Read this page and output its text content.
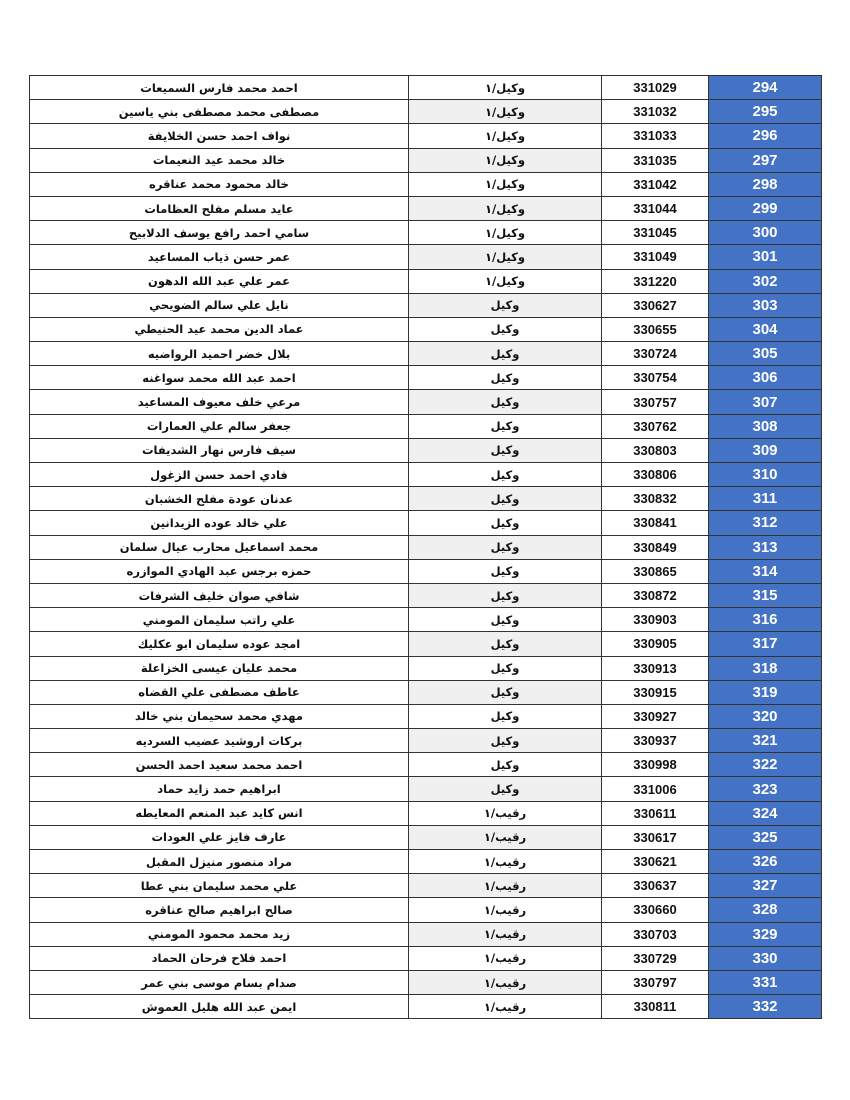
احمد محمد فارس السميعات	وكيل/١	331029	294
مصطفى محمد مصطفى بني ياسين	وكيل/١	331032	295
نواف احمد حسن الخلايفة	وكيل/١	331033	296
خالد محمد عيد النعيمات	وكيل/١	331035	297
خالد محمود محمد عناقره	وكيل/١	331042	298
عايد مسلم مفلح العظامات	وكيل/١	331044	299
سامي احمد رافع يوسف الدلابيح	وكيل/١	331045	300
عمر حسن ذياب المساعيد	وكيل/١	331049	301
عمر علي عبد الله الدهون	وكيل/١	331220	302
نايل علي سالم الضويحي	وكيل	330627	303
عماد الدين محمد عيد الحنيطي	وكيل	330655	304
بلال خضر احميد الرواضيه	وكيل	330724	305
احمد عبد الله محمد سواغنه	وكيل	330754	306
مرعي خلف معيوف المساعيد	وكيل	330757	307
جعفر سالم علي العمارات	وكيل	330762	308
سيف فارس نهار الشديفات	وكيل	330803	309
فادي احمد حسن الزغول	وكيل	330806	310
عدنان عودة مفلح الخشبان	وكيل	330832	311
علي خالد عوده الزيدانين	وكيل	330841	312
محمد اسماعيل محارب عيال سلمان	وكيل	330849	313
حمزه برجس عبد الهادي الموازره	وكيل	330865	314
شافي صوان خليف الشرفات	وكيل	330872	315
علي راتب سليمان المومني	وكيل	330903	316
امجد عوده سليمان ابو عكليك	وكيل	330905	317
محمد عليان عيسى الخزاعلة	وكيل	330913	318
عاطف مصطفى علي القضاه	وكيل	330915	319
مهدي محمد سحيمان بني خالد	وكيل	330927	320
بركات اروشيد عضيب السرديه	وكيل	330937	321
احمد محمد سعيد احمد الحسن	وكيل	330998	322
ابراهيم حمد زايد حماد	وكيل	331006	323
انس كايد عبد المنعم المعايطه	رقيب/١	330611	324
عارف فايز علي العودات	رقيب/١	330617	325
مراد منصور منيزل المقبل	رقيب/١	330621	326
علي محمد سليمان بني عطا	رقيب/١	330637	327
صالح ابراهيم صالح عناقره	رقيب/١	330660	328
زيد محمد محمود المومني	رقيب/١	330703	329
احمد فلاح فرحان الحماد	رقيب/١	330729	330
صدام بسام موسى بني عمر	رقيب/١	330797	331
ايمن عبد الله هليل العموش	رقيب/١	330811	332
